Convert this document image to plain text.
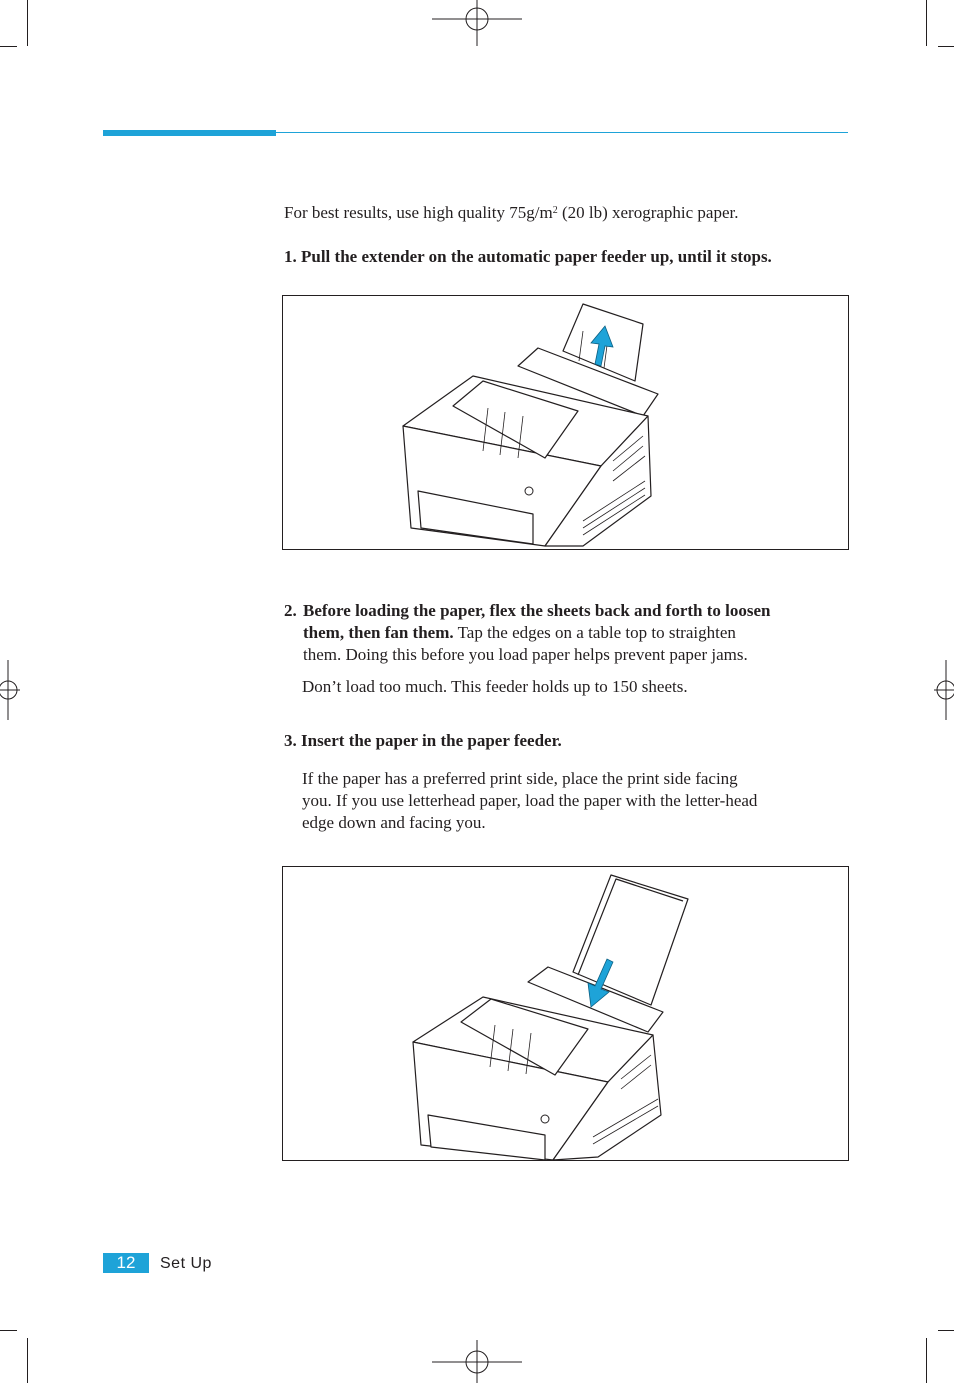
For best results, use high quality $75g/m^2$ (20 lb) xerographic paper.
1. Pull the extender on the automatic paper feeder up, until it stops.
2. Before loading the paper, flex the sheets back and forth to loosen
them, then fan them. Tap the edges on a table top to straighten
them. Doing this before you load paper helps prevent paper jams.
Don’t load too much. This feeder holds up to 150 sheets.
3. Insert the paper in the paper feeder.
If the paper has a preferred print side, place the print side facing
you. If you use letterhead paper, load the paper with the letter-head
edge down and facing you.
12	Set Up
